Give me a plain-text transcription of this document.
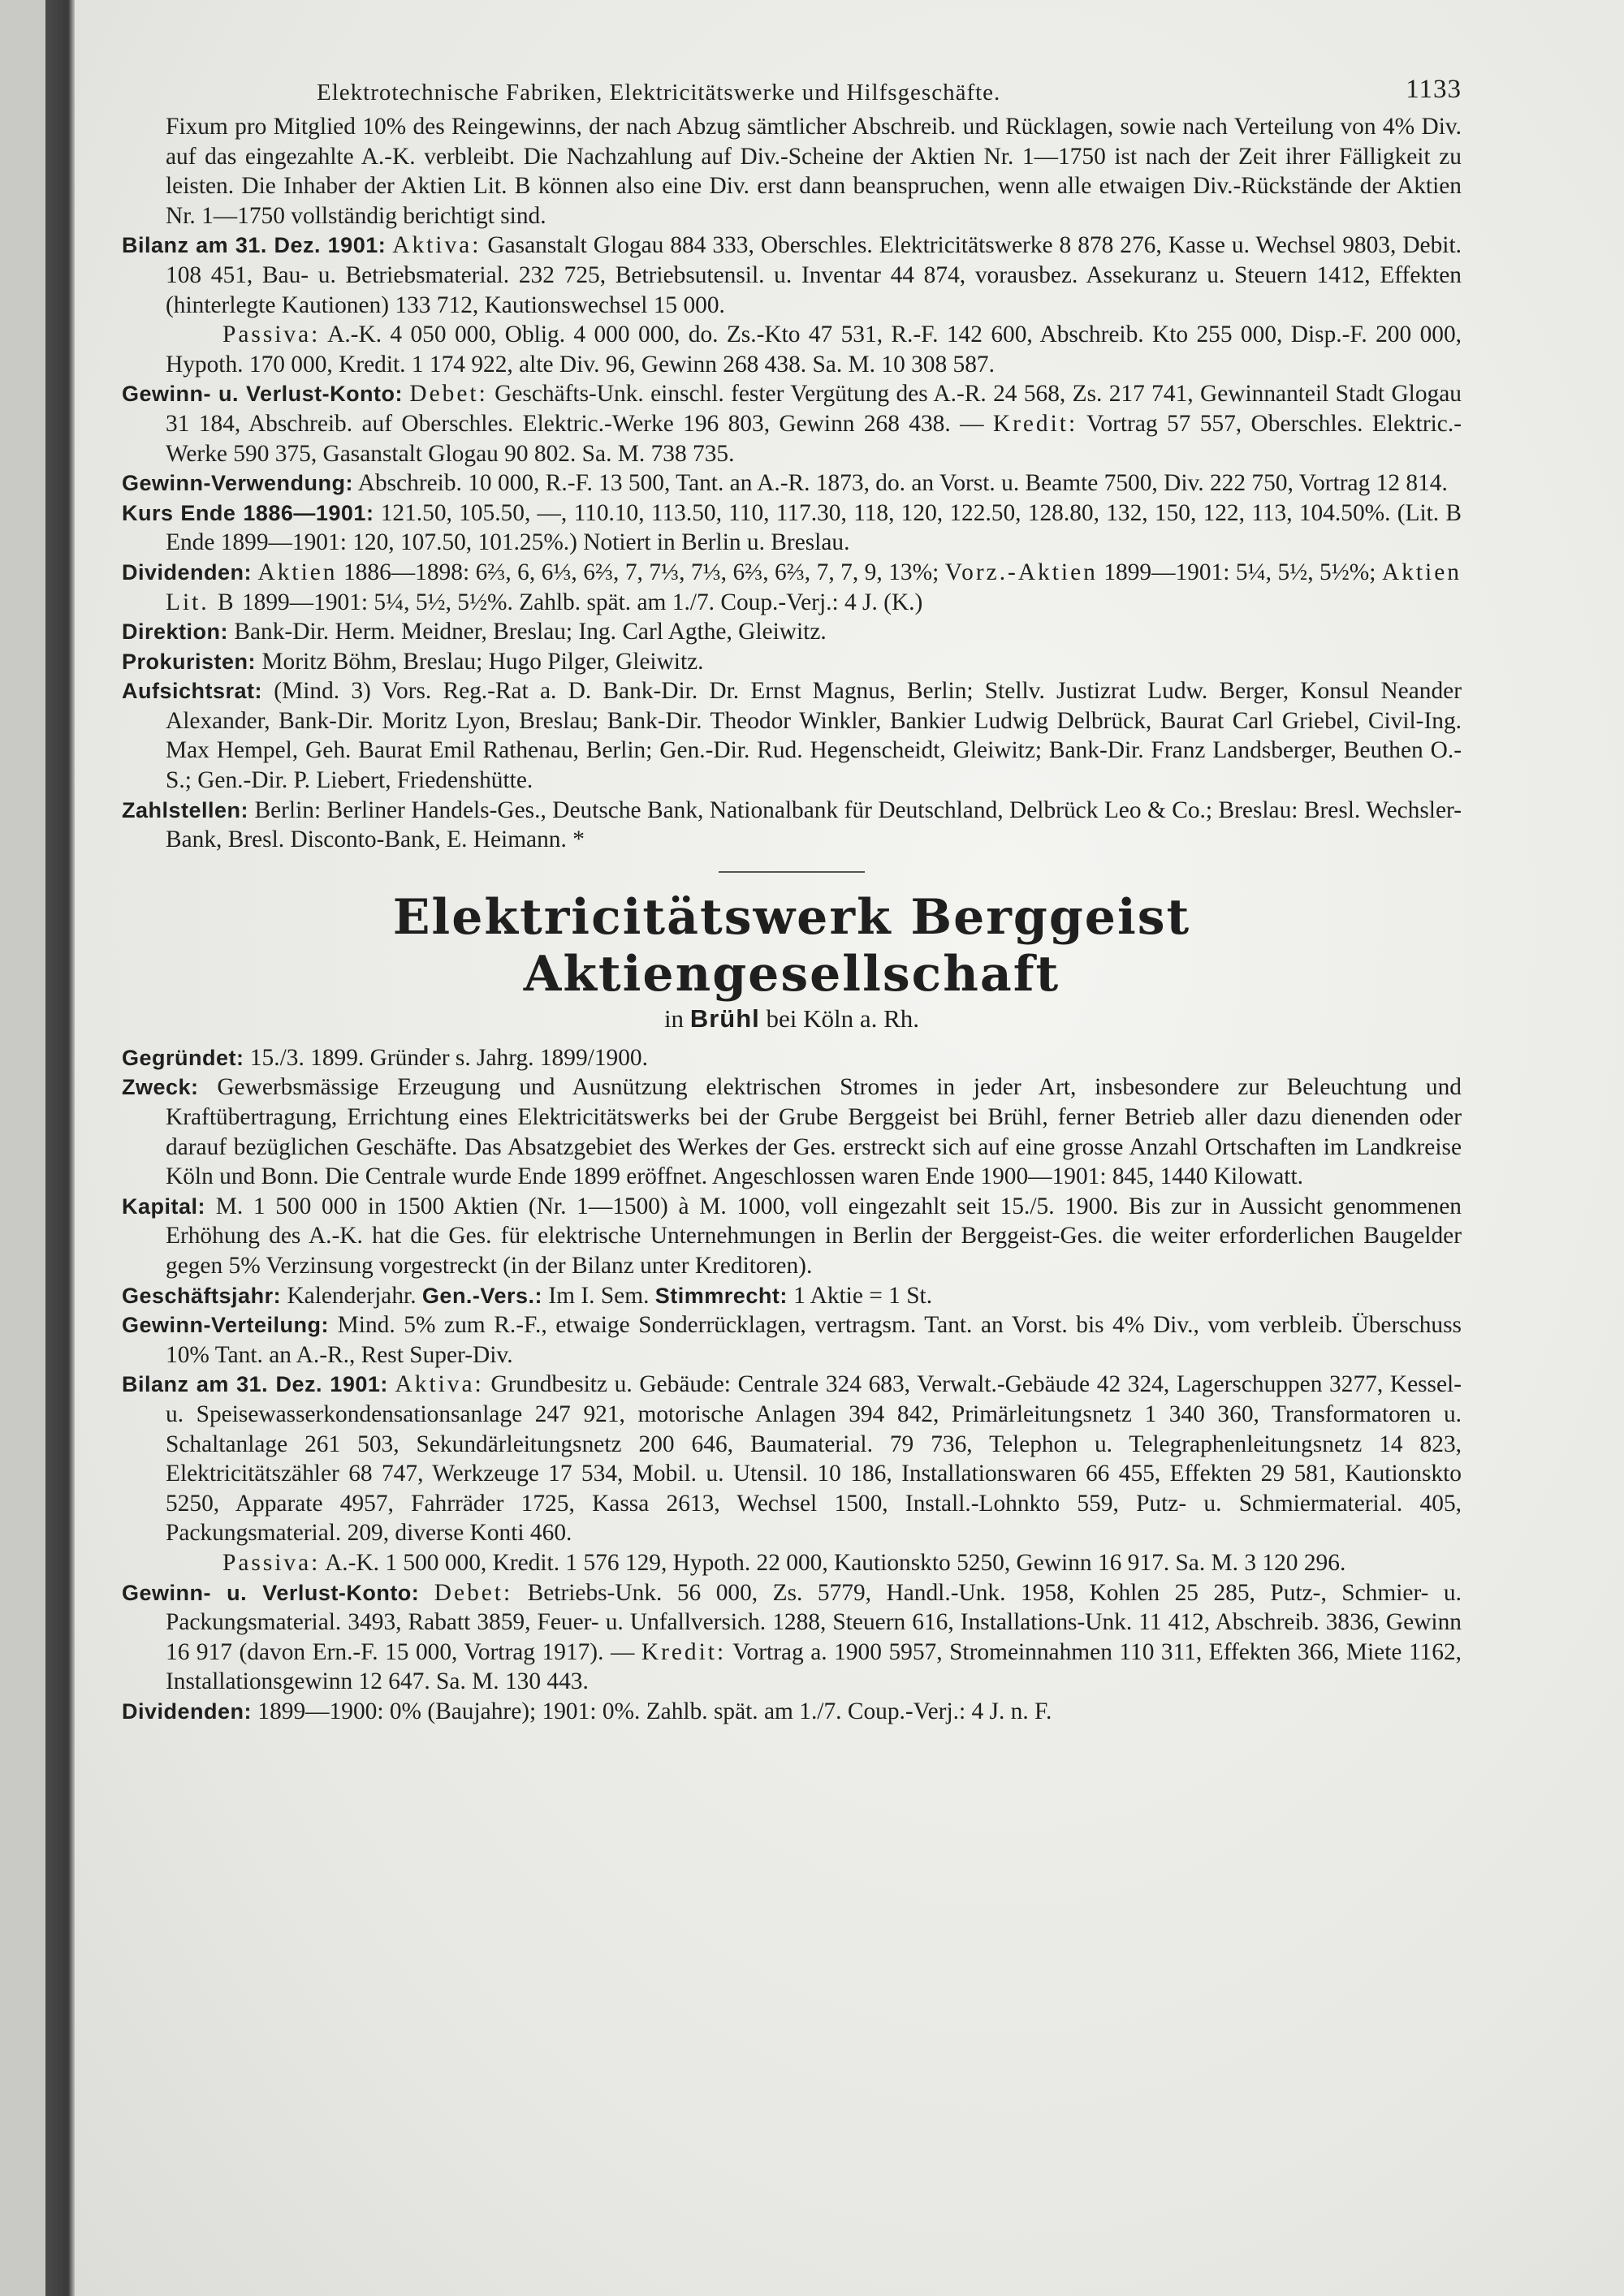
Elektrotechnische Fabriken, Elektricitätswerke und Hilfsgeschäfte.	1133

Fixum pro Mitglied 10% des Reingewinns, der nach Abzug sämtlicher Abschreib. und Rücklagen, sowie nach Verteilung von 4% Div. auf das eingezahlte A.-K. verbleibt. Die Nachzahlung auf Div.-Scheine der Aktien Nr. 1—1750 ist nach der Zeit ihrer Fälligkeit zu leisten. Die Inhaber der Aktien Lit. B können also eine Div. erst dann beanspruchen, wenn alle etwaigen Div.-Rückstände der Aktien Nr. 1—1750 vollständig berichtigt sind.

Bilanz am 31. Dez. 1901: Aktiva: Gasanstalt Glogau 884 333, Oberschles. Elektricitätswerke 8 878 276, Kasse u. Wechsel 9803, Debit. 108 451, Bau- u. Betriebsmaterial. 232 725, Betriebsutensil. u. Inventar 44 874, vorausbez. Assekuranz u. Steuern 1412, Effekten (hinterlegte Kautionen) 133 712, Kautionswechsel 15 000.

Passiva: A.-K. 4 050 000, Oblig. 4 000 000, do. Zs.-Kto 47 531, R.-F. 142 600, Abschreib. Kto 255 000, Disp.-F. 200 000, Hypoth. 170 000, Kredit. 1 174 922, alte Div. 96, Gewinn 268 438. Sa. M. 10 308 587.

Gewinn- u. Verlust-Konto: Debet: Geschäfts-Unk. einschl. fester Vergütung des A.-R. 24 568, Zs. 217 741, Gewinnanteil Stadt Glogau 31 184, Abschreib. auf Oberschles. Elektric.-Werke 196 803, Gewinn 268 438. — Kredit: Vortrag 57 557, Oberschles. Elektric.-Werke 590 375, Gasanstalt Glogau 90 802. Sa. M. 738 735.

Gewinn-Verwendung: Abschreib. 10 000, R.-F. 13 500, Tant. an A.-R. 1873, do. an Vorst. u. Beamte 7500, Div. 222 750, Vortrag 12 814.

Kurs Ende 1886—1901: 121.50, 105.50, —, 110.10, 113.50, 110, 117.30, 118, 120, 122.50, 128.80, 132, 150, 122, 113, 104.50%. (Lit. B Ende 1899—1901: 120, 107.50, 101.25%.) Notiert in Berlin u. Breslau.

Dividenden: Aktien 1886—1898: 6⅔, 6, 6⅓, 6⅔, 7, 7⅓, 7⅓, 6⅔, 6⅔, 7, 7, 9, 13%; Vorz.-Aktien 1899—1901: 5¼, 5½, 5½%; Aktien Lit. B 1899—1901: 5¼, 5½, 5½%. Zahlb. spät. am 1./7. Coup.-Verj.: 4 J. (K.)

Direktion: Bank-Dir. Herm. Meidner, Breslau; Ing. Carl Agthe, Gleiwitz.

Prokuristen: Moritz Böhm, Breslau; Hugo Pilger, Gleiwitz.

Aufsichtsrat: (Mind. 3) Vors. Reg.-Rat a. D. Bank-Dir. Dr. Ernst Magnus, Berlin; Stellv. Justizrat Ludw. Berger, Konsul Neander Alexander, Bank-Dir. Moritz Lyon, Breslau; Bank-Dir. Theodor Winkler, Bankier Ludwig Delbrück, Baurat Carl Griebel, Civil-Ing. Max Hempel, Geh. Baurat Emil Rathenau, Berlin; Gen.-Dir. Rud. Hegenscheidt, Gleiwitz; Bank-Dir. Franz Landsberger, Beuthen O.-S.; Gen.-Dir. P. Liebert, Friedenshütte.

Zahlstellen: Berlin: Berliner Handels-Ges., Deutsche Bank, Nationalbank für Deutschland, Delbrück Leo & Co.; Breslau: Bresl. Wechsler-Bank, Bresl. Disconto-Bank, E. Heimann. *

Elektricitätswerk Berggeist Aktiengesellschaft

in Brühl bei Köln a. Rh.

Gegründet: 15./3. 1899. Gründer s. Jahrg. 1899/1900.

Zweck: Gewerbsmässige Erzeugung und Ausnützung elektrischen Stromes in jeder Art, insbesondere zur Beleuchtung und Kraftübertragung, Errichtung eines Elektricitätswerks bei der Grube Berggeist bei Brühl, ferner Betrieb aller dazu dienenden oder darauf bezüglichen Geschäfte. Das Absatzgebiet des Werkes der Ges. erstreckt sich auf eine grosse Anzahl Ortschaften im Landkreise Köln und Bonn. Die Centrale wurde Ende 1899 eröffnet. Angeschlossen waren Ende 1900—1901: 845, 1440 Kilowatt.

Kapital: M. 1 500 000 in 1500 Aktien (Nr. 1—1500) à M. 1000, voll eingezahlt seit 15./5. 1900. Bis zur in Aussicht genommenen Erhöhung des A.-K. hat die Ges. für elektrische Unternehmungen in Berlin der Berggeist-Ges. die weiter erforderlichen Baugelder gegen 5% Verzinsung vorgestreckt (in der Bilanz unter Kreditoren).

Geschäftsjahr: Kalenderjahr. Gen.-Vers.: Im I. Sem. Stimmrecht: 1 Aktie = 1 St.

Gewinn-Verteilung: Mind. 5% zum R.-F., etwaige Sonderrücklagen, vertragsm. Tant. an Vorst. bis 4% Div., vom verbleib. Überschuss 10% Tant. an A.-R., Rest Super-Div.

Bilanz am 31. Dez. 1901: Aktiva: Grundbesitz u. Gebäude: Centrale 324 683, Verwalt.-Gebäude 42 324, Lagerschuppen 3277, Kessel- u. Speisewasserkondensationsanlage 247 921, motorische Anlagen 394 842, Primärleitungsnetz 1 340 360, Transformatoren u. Schaltanlage 261 503, Sekundärleitungsnetz 200 646, Baumaterial. 79 736, Telephon u. Telegraphenleitungsnetz 14 823, Elektricitätszähler 68 747, Werkzeuge 17 534, Mobil. u. Utensil. 10 186, Installationswaren 66 455, Effekten 29 581, Kautionskto 5250, Apparate 4957, Fahrräder 1725, Kassa 2613, Wechsel 1500, Install.-Lohnkto 559, Putz- u. Schmiermaterial. 405, Packungsmaterial. 209, diverse Konti 460.

Passiva: A.-K. 1 500 000, Kredit. 1 576 129, Hypoth. 22 000, Kautionskto 5250, Gewinn 16 917. Sa. M. 3 120 296.

Gewinn- u. Verlust-Konto: Debet: Betriebs-Unk. 56 000, Zs. 5779, Handl.-Unk. 1958, Kohlen 25 285, Putz-, Schmier- u. Packungsmaterial. 3493, Rabatt 3859, Feuer- u. Unfallversich. 1288, Steuern 616, Installations-Unk. 11 412, Abschreib. 3836, Gewinn 16 917 (davon Ern.-F. 15 000, Vortrag 1917). — Kredit: Vortrag a. 1900 5957, Stromeinnahmen 110 311, Effekten 366, Miete 1162, Installationsgewinn 12 647. Sa. M. 130 443.

Dividenden: 1899—1900: 0% (Baujahre); 1901: 0%. Zahlb. spät. am 1./7. Coup.-Verj.: 4 J. n. F.
